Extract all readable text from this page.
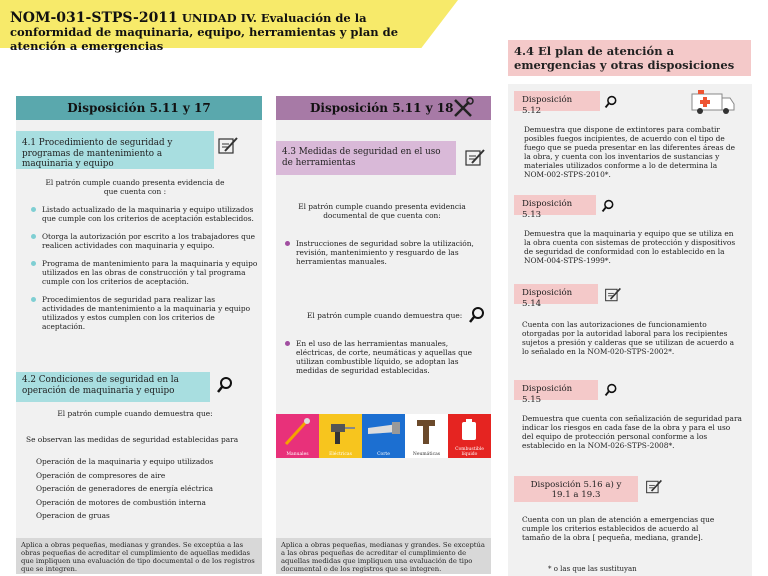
NOM-031-STPS-2011 UNIDAD IV. Evaluación de la conformidad de maquinaria, equipo, herramientas y plan de atención a emergencias
Disposición 5.11 y 17
4.1 Procedimiento de seguridad y programas de mantenimiento a maquinaria y equipo
El patrón cumple cuando presenta evidencia de que cuenta con :
Listado actualizado de la maquinaria y equipo utilizados que cumple con los criterios de aceptación establecidos.
Otorga la autorización por escrito a los trabajadores que realicen actividades con maquinaria y equipo.
Programa de mantenimiento para la maquinaria y equipo utilizados en las obras de construcción y tal programa cumple con los criterios de aceptación.
Procedimientos de seguridad para realizar las actividades de mantenimiento a la maquinaria y equipo utilizados y estos cumplen con los criterios de aceptación.
4.2 Condiciones de seguridad en la operación de maquinaria y equipo
El patrón cumple cuando demuestra que:
Se observan las medidas de seguridad establecidas para
Operación de la maquinaria y equipo utilizados
Operación de compresores de aire
Operación de generadores de energía eléctrica
Operación de motores de combustión interna
Operacion de gruas
Aplica a obras pequeñas, medianas y grandes. Se exceptúa a las obras pequeñas de acreditar el cumplimiento de aquellas medidas que impliquen una evaluación de tipo documental o de los registros que se integren.
Disposición 5.11 y 18
4.3 Medidas de seguridad en el uso de herramientas
El patrón cumple cuando presenta evidencia documental de que cuenta con:
Instrucciones de seguridad sobre la utilización, revisión, mantenimiento y resguardo de las herramientas manuales.
El patrón cumple cuando demuestra que:
En el uso de las herramientas manuales, eléctricas, de corte, neumáticas y aquellas que utilizan combustible líquido, se adoptan las medidas de seguridad establecidas.
Manuales	Eléctricas	Corte	Neumáticas
Combustible líquido
Aplica a obras pequeñas, medianas y grandes. Se exceptúa a las obras pequeñas de acreditar el cumplimiento de aquellas medidas que impliquen una evaluación de tipo documental o de los registros que se integren.
4.4 El plan de atención a emergencias y otras disposiciones
Disposición 5.12
Demuestra que dispone de extintores para combatir posibles fuegos incipientes, de acuerdo con el tipo de fuego que se pueda presentar en las diferentes áreas de la obra, y cuenta con los inventarios de sustancias y materiales utilizados conforme a lo de determina la NOM-002-STPS-2010*.
Disposición 5.13
Demuestra que la maquinaria y equipo que se utiliza en la obra cuenta con sistemas de protección y dispositivos de seguridad de conformidad con lo establecido en la NOM-004-STPS-1999*.
Disposición 5.14
Cuenta con las autorizaciones de funcionamiento otorgadas por la autoridad laboral para los recipientes sujetos a presión y calderas que se utilizan de acuerdo a lo señalado en la NOM-020-STPS-2002*.
Disposición 5.15
Demuestra que cuenta con señalización de seguridad para indicar los riesgos en cada fase de la obra y para el uso del equipo de protección personal conforme a los establecido en la NOM-026-STPS-2008*.
Disposición 5.16 a) y 19.1 a 19.3
Cuenta con un plan de atención a emergencias que cumple los criterios establecidos de acuerdo al tamaño de la obra [ pequeña, mediana, grande].
* o las que las sustituyan
